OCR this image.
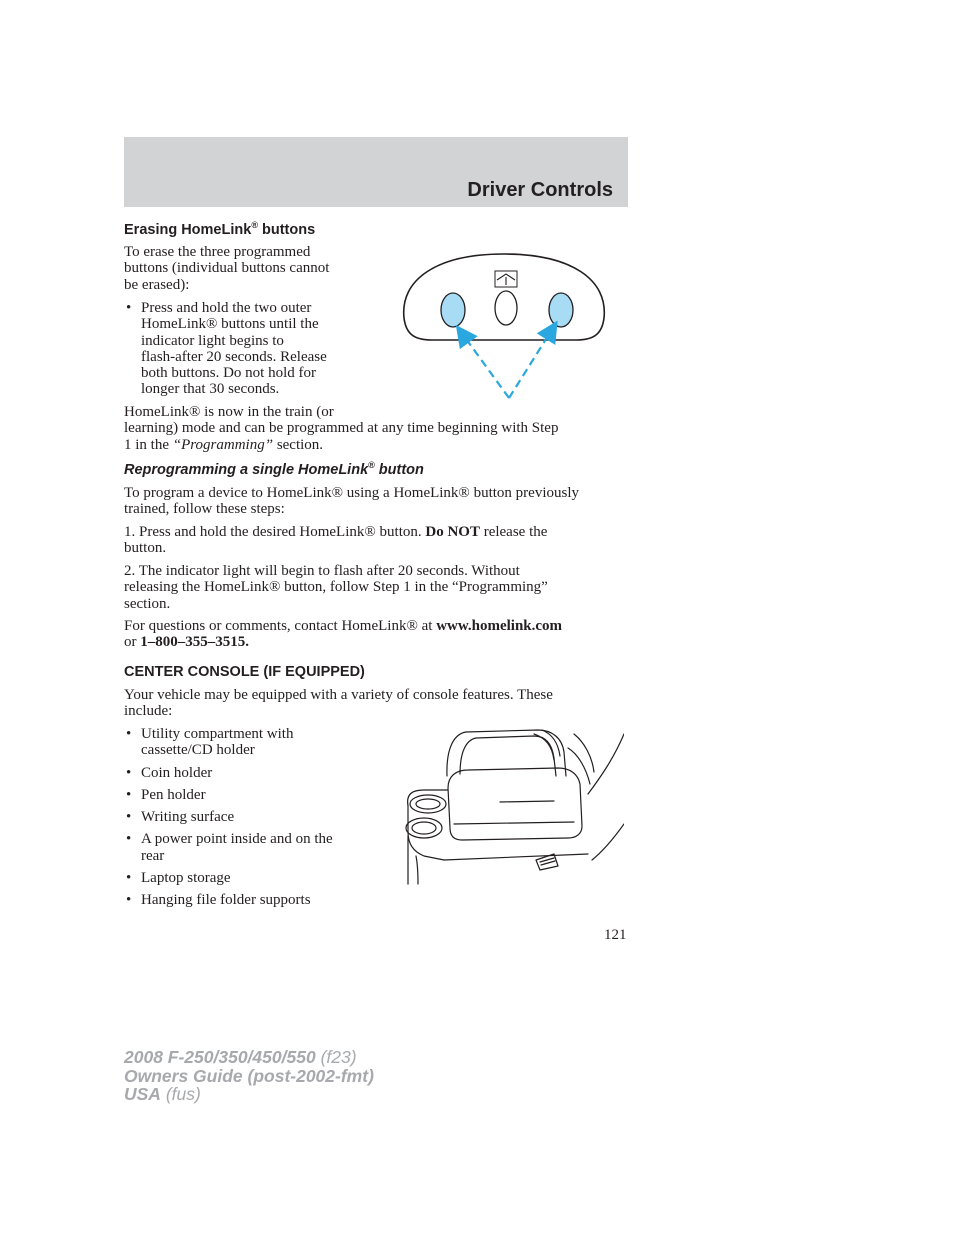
Driver Controls
Erasing HomeLink® buttons

To erase the three programmed

buttons (individual buttons cannot

be erased):

• Press and hold the two outer

HomeLink® buttons until the

indicator light begins to

flash-after 20 seconds. Release

both buttons. Do not hold for

longer that 30 seconds.

HomeLink® is now in the train (or

learning) mode and can be programmed at any time beginning with Step

1 in the “Programming” section.

Reprogramming a single HomeLink® button

To program a device to HomeLink® using a HomeLink® button previously

trained, follow these steps:

1. Press and hold the desired HomeLink® button. Do NOT release the

button.

2. The indicator light will begin to flash after 20 seconds. Without

releasing the HomeLink® button, follow Step 1 in the “Programming”

section.

For questions or comments, contact HomeLink® at www.homelink.com

or 1–800–355–3515.

CENTER CONSOLE (IF EQUIPPED)

Your vehicle may be equipped with a variety of console features. These

include:

• Utility compartment with

cassette/CD holder

• Coin holder

• Pen holder

• Writing surface

• A power point inside and on the

rear

• Laptop storage

• Hanging file folder supports

121
2008 F-250/350/450/550 (f23)
Owners Guide (post-2002-fmt)
USA (fus)
